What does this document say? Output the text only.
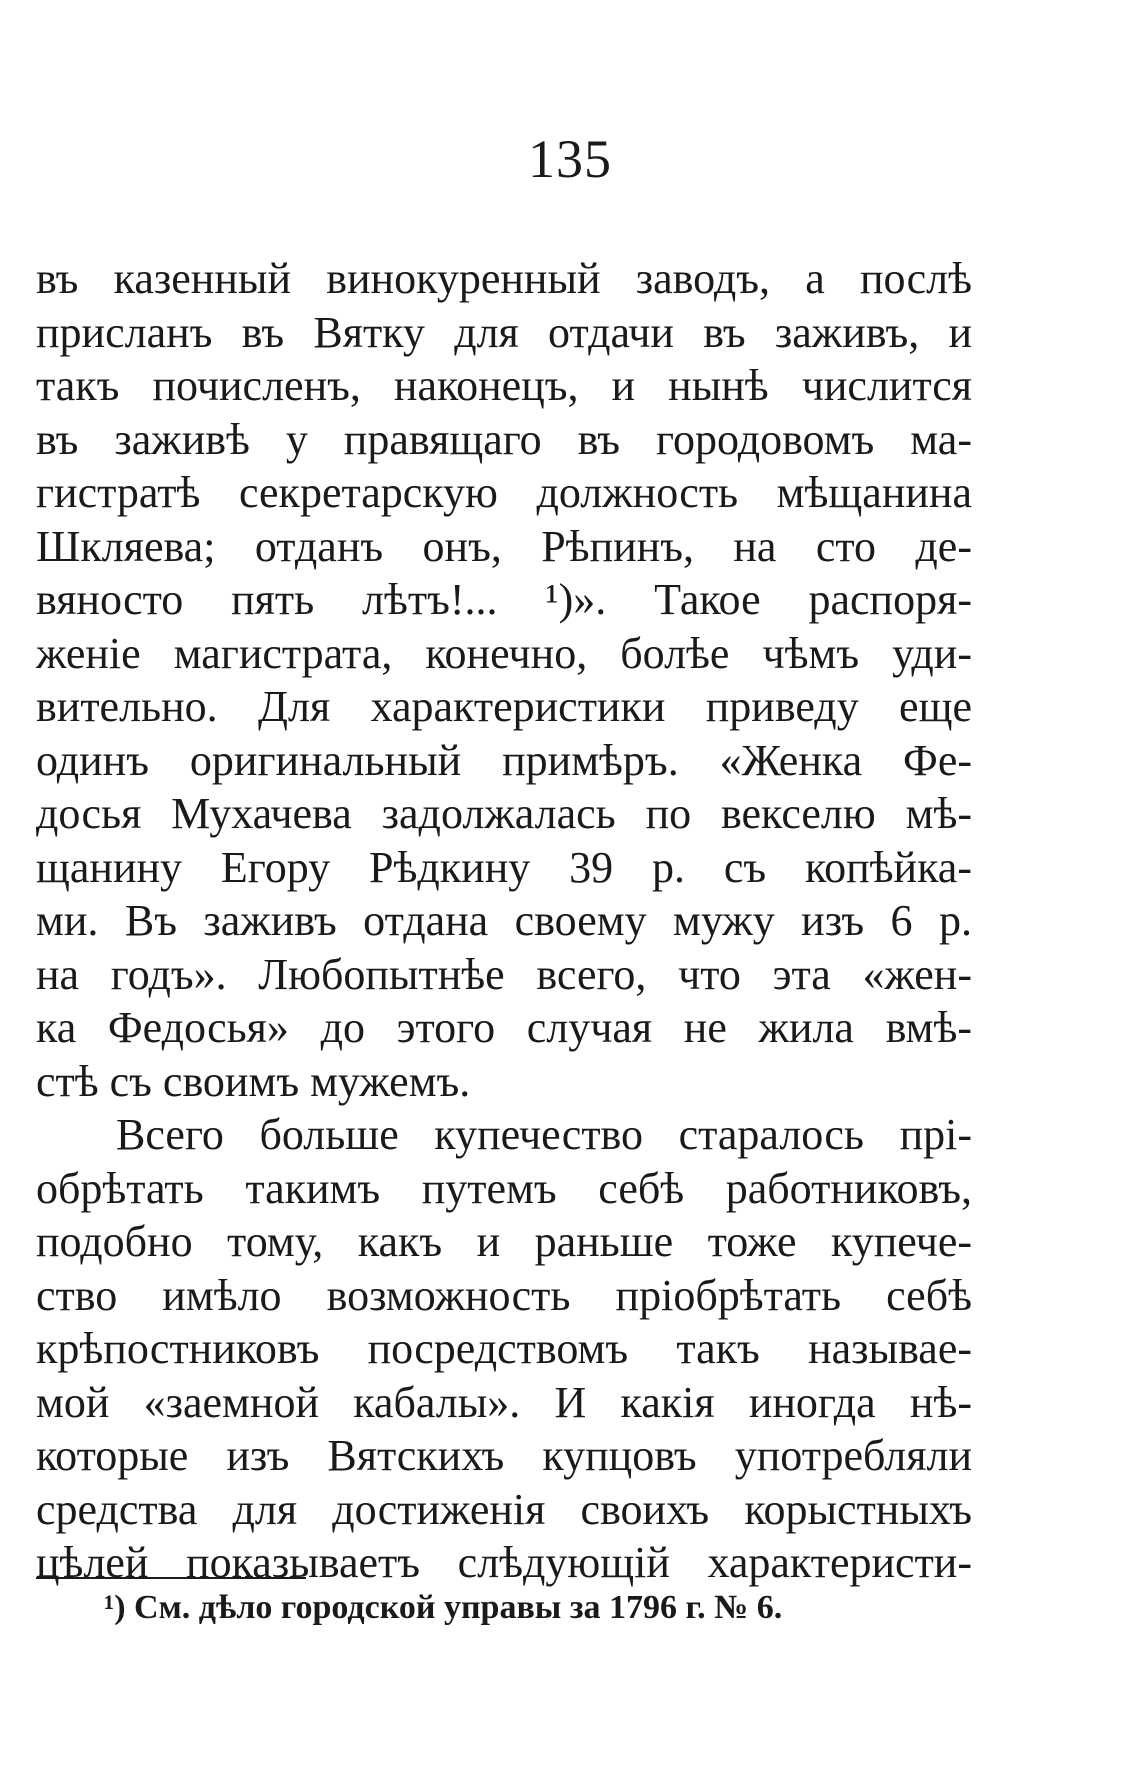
135
въ казенный винокуренный заводъ, а послѣ
присланъ въ Вятку для отдачи въ заживъ, и
такъ почисленъ, наконецъ, и нынѣ числится
въ заживѣ у правящаго въ городовомъ ма-
гистратѣ секретарскую должность мѣщанина
Шкляева; отданъ онъ, Рѣпинъ, на сто де-
вяносто пять лѣтъ!... ¹)». Такое распоря-
женіе магистрата, конечно, болѣе чѣмъ уди-
вительно. Для характеристики приведу еще
одинъ оригинальный примѣръ. «Женка Фе-
досья Мухачева задолжалась по векселю мѣ-
щанину Егору Рѣдкину 39 р. съ копѣйка-
ми. Въ заживъ отдана своему мужу изъ 6 р.
на годъ». Любопытнѣе всего, что эта «жен-
ка Федосья» до этого случая не жила вмѣ-
стѣ съ своимъ мужемъ.
Всего больше купечество старалось прі-
обрѣтать такимъ путемъ себѣ работниковъ,
подобно тому, какъ и раньше тоже купече-
ство имѣло возможность пріобрѣтать себѣ
крѣпостниковъ посредствомъ такъ называе-
мой «заемной кабалы». И какія иногда нѣ-
которые изъ Вятскихъ купцовъ употребляли
средства для достиженія своихъ корыстныхъ
цѣлей показываетъ слѣдующій характеристи-
¹) См. дѣло городской управы за 1796 г. № 6.
